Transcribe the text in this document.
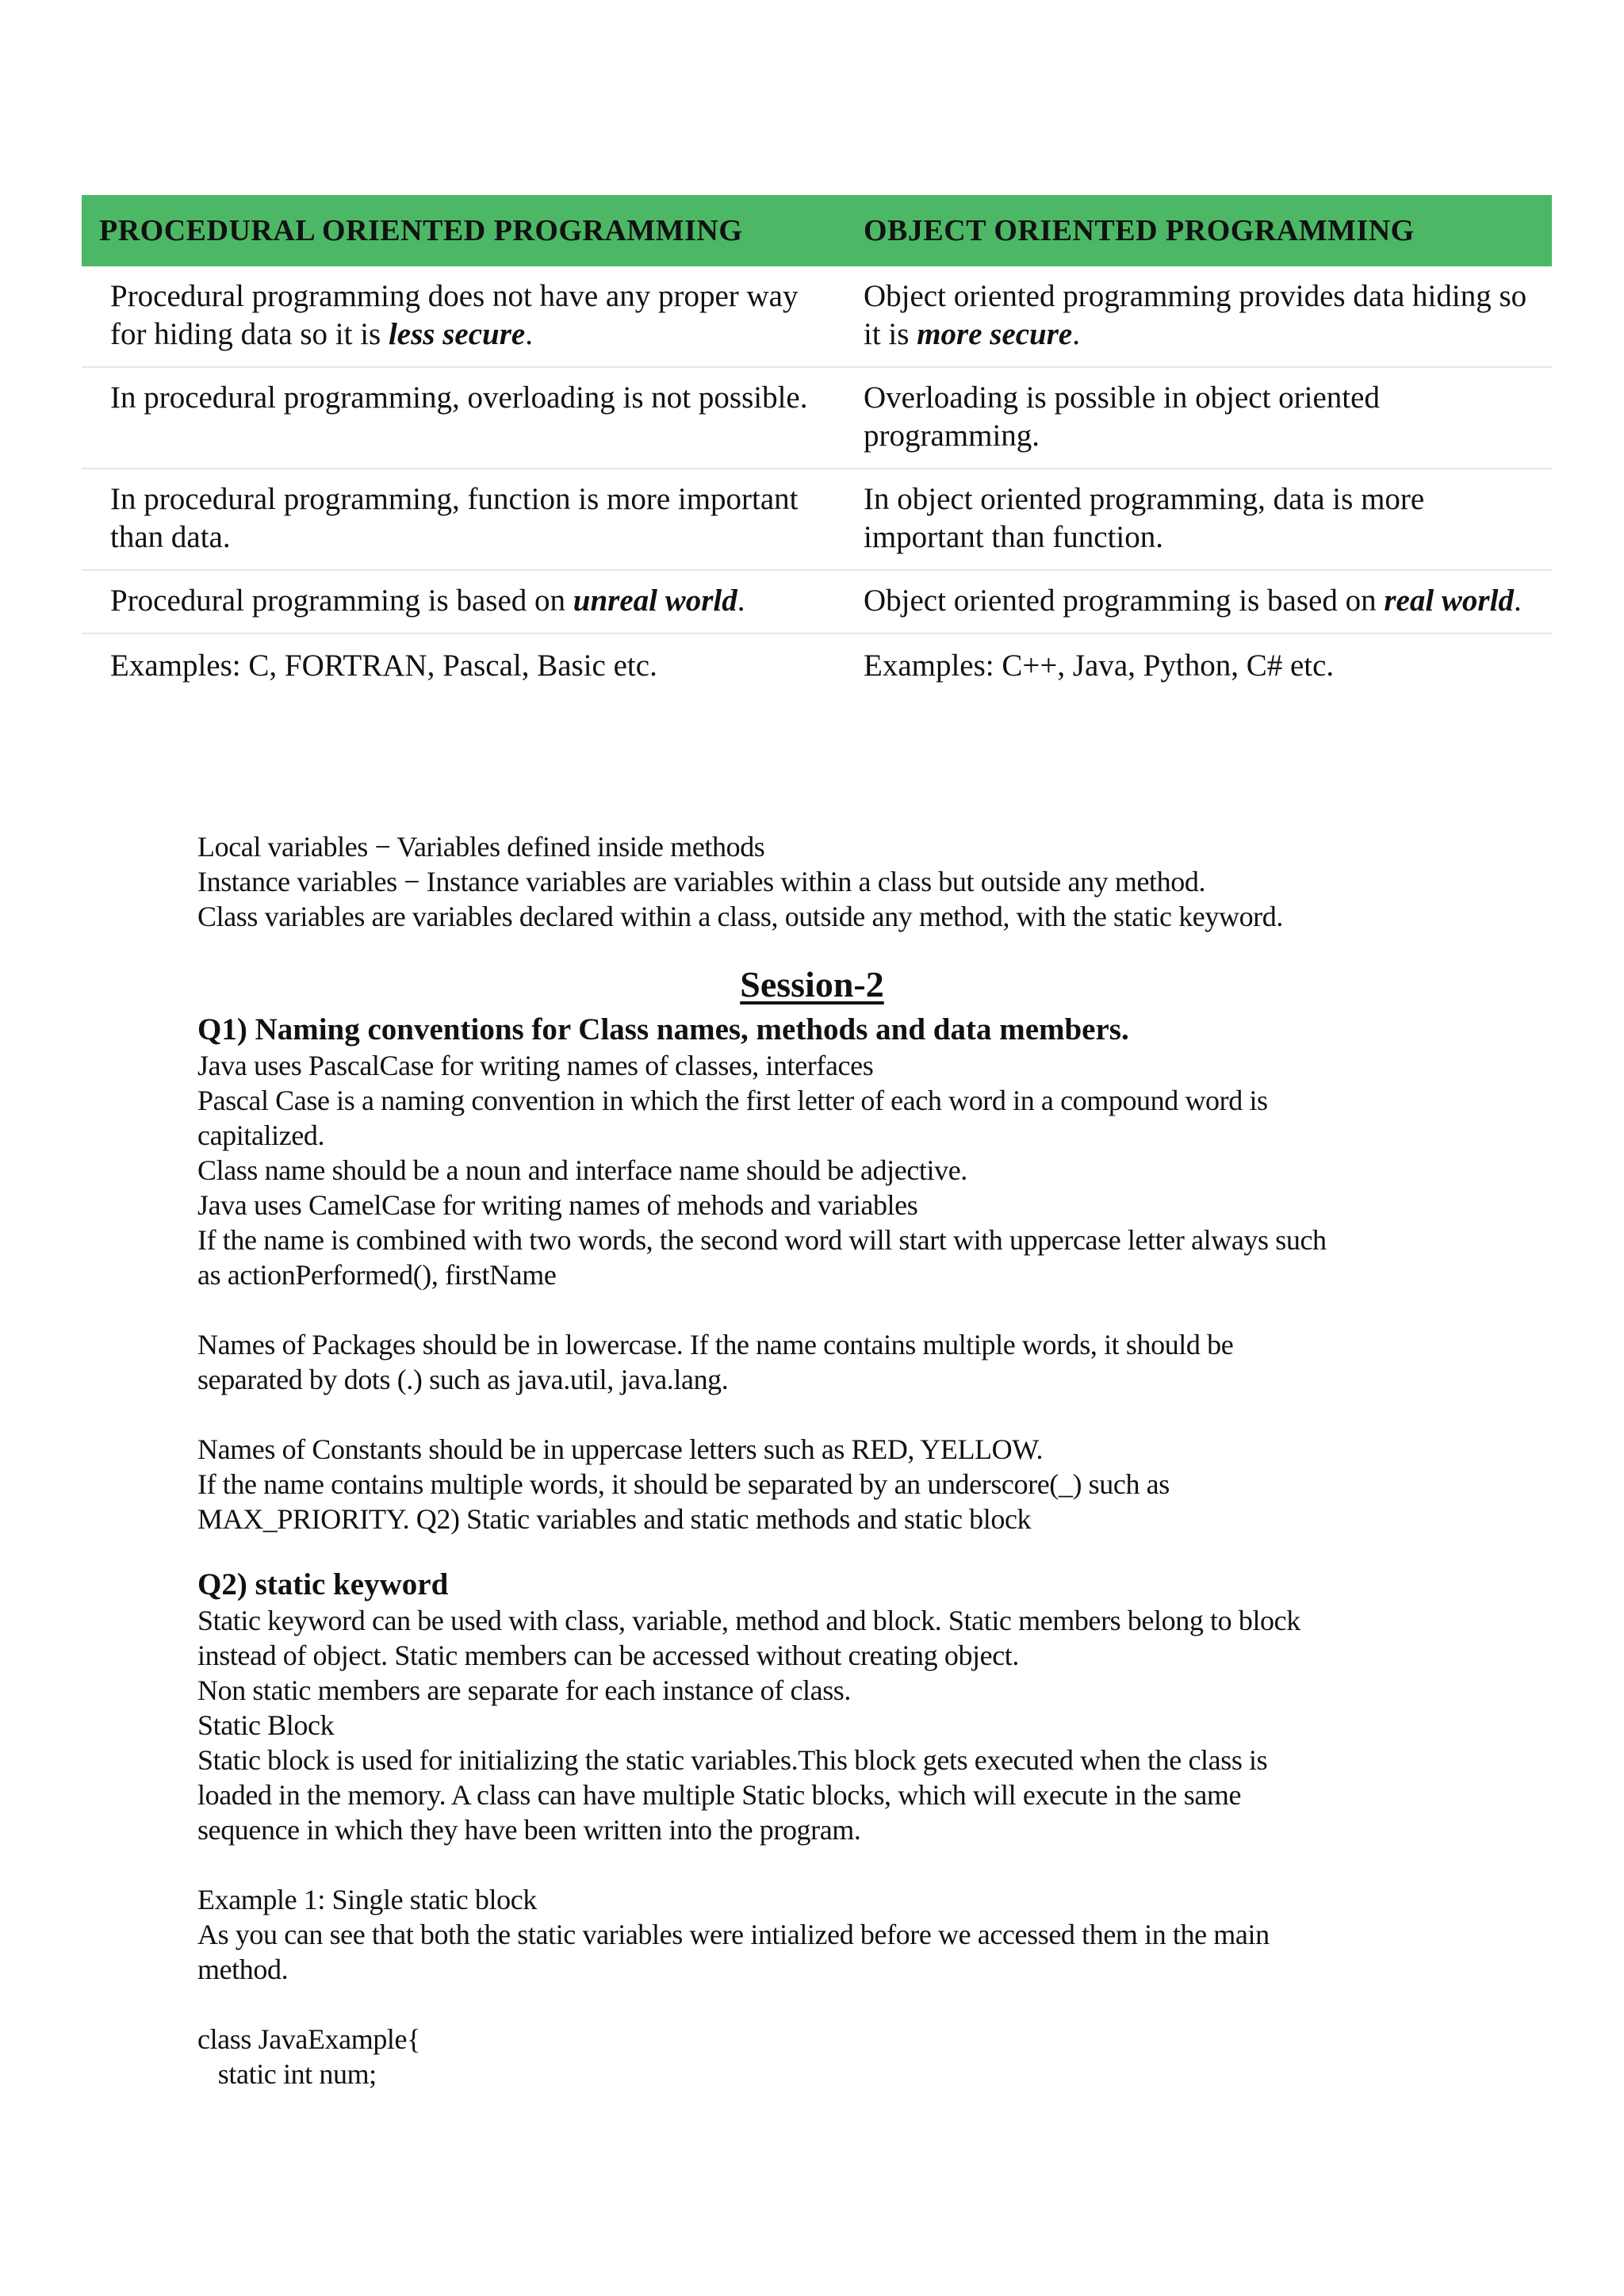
PROCEDURAL ORIENTED PROGRAMMING	OBJECT ORIENTED PROGRAMMING
Procedural programming does not have any proper way for hiding data so it is less secure.	Object oriented programming provides data hiding so it is more secure.
In procedural programming, overloading is not possible.	Overloading is possible in object oriented programming.
In procedural programming, function is more important than data.	In object oriented programming, data is more important than function.
Procedural programming is based on unreal world.	Object oriented programming is based on real world.
Examples: C, FORTRAN, Pascal, Basic etc.	Examples: C++, Java, Python, C# etc.
Local variables − Variables defined inside methods
Instance variables − Instance variables are variables within a class but outside any method.
Class variables are variables declared within a class, outside any method, with the static keyword.
Session-2
Q1) Naming conventions for Class names, methods and data members.
Java uses PascalCase for writing names of classes, interfaces
Pascal Case is a naming convention in which the first letter of each word in a compound word is
capitalized.
Class name should be a noun and interface name should be adjective.
Java uses CamelCase for writing names of mehods and variables
If the name is combined with two words, the second word will start with uppercase letter always such
as actionPerformed(), firstName
Names of Packages should be in lowercase. If the name contains multiple words, it should be
separated by dots (.) such as java.util, java.lang.
Names of Constants should be in uppercase letters such as RED, YELLOW.
If the name contains multiple words, it should be separated by an underscore(_) such as
MAX_PRIORITY. Q2) Static variables and static methods and static block
Q2) static keyword
Static keyword can be used with class, variable, method and block. Static members belong to block
instead of object. Static members can be accessed without creating object.
Non static members are separate for each instance of class.
Static Block
Static block is used for initializing the static variables.This block gets executed when the class is
loaded in the memory. A class can have multiple Static blocks, which will execute in the same
sequence in which they have been written into the program.
Example 1: Single static block
As you can see that both the static variables were intialized before we accessed them in the main
method.
class JavaExample{
static int num;
